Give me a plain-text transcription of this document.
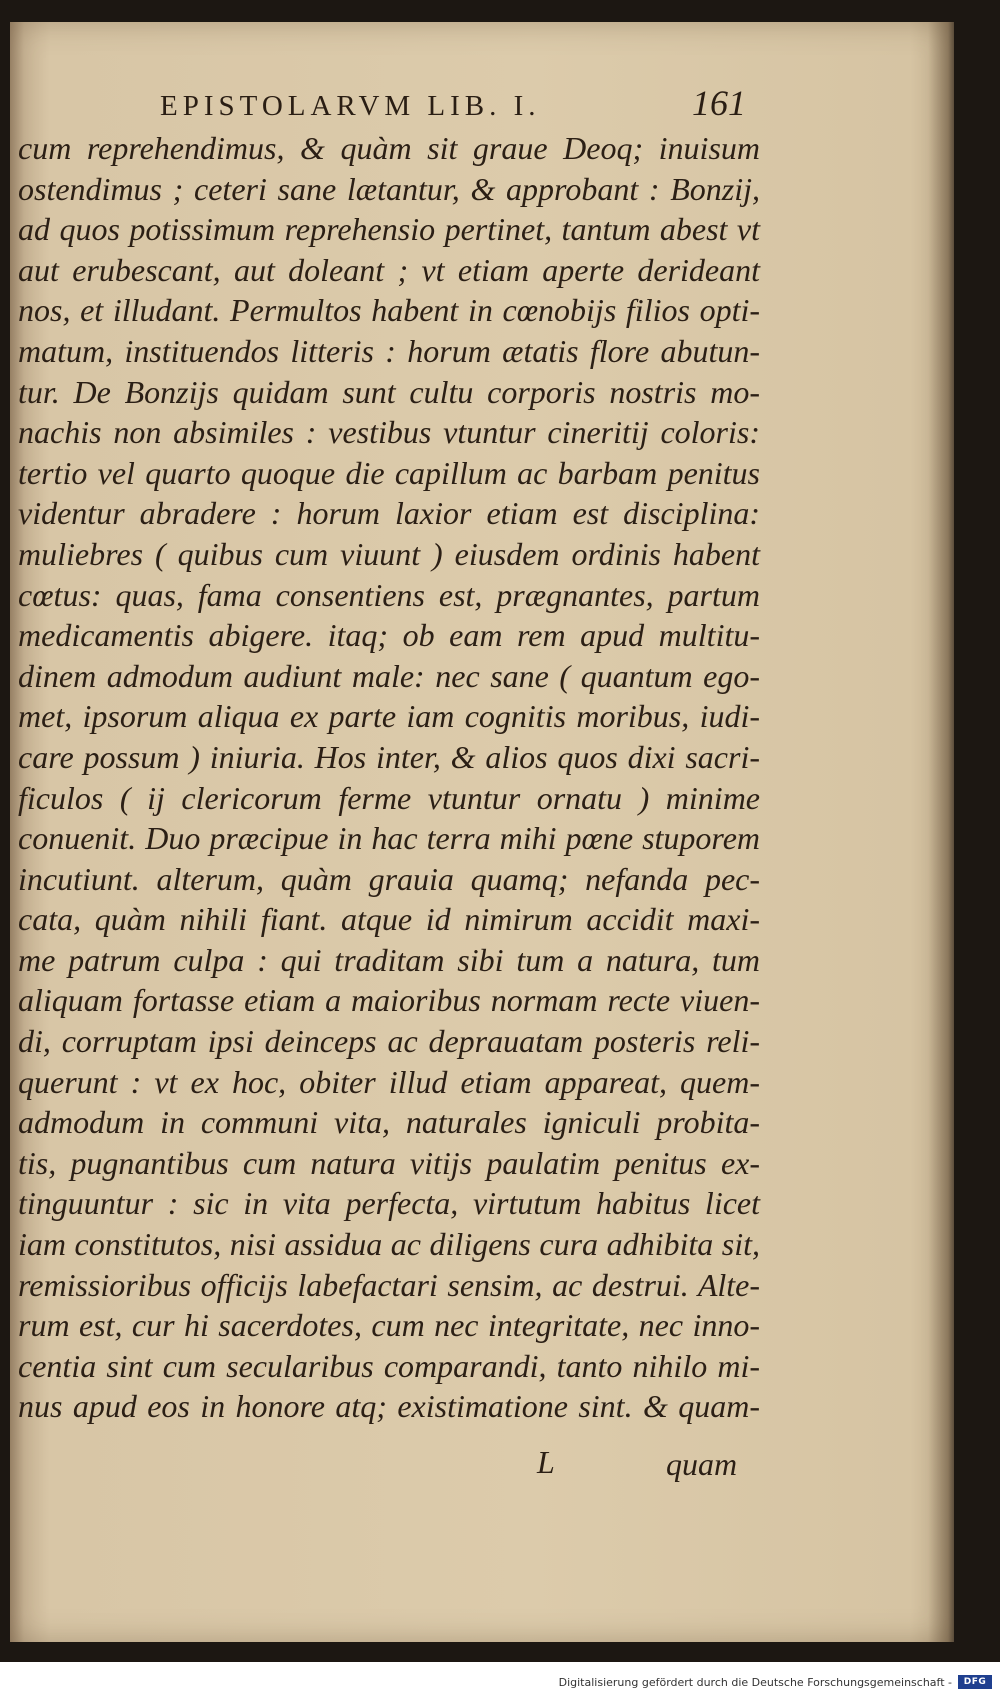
EPISTOLARVM LIB. I.	161
cum reprehendimus, & quàm sit graue Deoq; inuisum
ostendimus ; ceteri sane lætantur, & approbant : Bonzij,
ad quos potissimum reprehensio pertinet, tantum abest vt
aut erubescant, aut doleant ; vt etiam aperte derideant
nos, et illudant. Permultos habent in cœnobijs filios opti-
matum, instituendos litteris : horum ætatis flore abutun-
tur. De Bonzijs quidam sunt cultu corporis nostris mo-
nachis non absimiles : vestibus vtuntur cineritij coloris:
tertio vel quarto quoque die capillum ac barbam penitus
videntur abradere : horum laxior etiam est disciplina:
muliebres ( quibus cum viuunt ) eiusdem ordinis habent
cœtus: quas, fama consentiens est, prægnantes, partum
medicamentis abigere. itaq; ob eam rem apud multitu-
dinem admodum audiunt male: nec sane ( quantum ego-
met, ipsorum aliqua ex parte iam cognitis moribus, iudi-
care possum ) iniuria. Hos inter, & alios quos dixi sacri-
ficulos ( ij clericorum ferme vtuntur ornatu ) minime
conuenit. Duo præcipue in hac terra mihi pœne stuporem
incutiunt. alterum, quàm grauia quamq; nefanda pec-
cata, quàm nihili fiant. atque id nimirum accidit maxi-
me patrum culpa : qui traditam sibi tum a natura, tum
aliquam fortasse etiam a maioribus normam recte viuen-
di, corruptam ipsi deinceps ac deprauatam posteris reli-
querunt : vt ex hoc, obiter illud etiam appareat, quem-
admodum in communi vita, naturales igniculi probita-
tis, pugnantibus cum natura vitijs paulatim penitus ex-
tinguuntur : sic in vita perfecta, virtutum habitus licet
iam constitutos, nisi assidua ac diligens cura adhibita sit,
remissioribus officijs labefactari sensim, ac destrui. Alte-
rum est, cur hi sacerdotes, cum nec integritate, nec inno-
centia sint cum secularibus comparandi, tanto nihilo mi-
nus apud eos in honore atq; existimatione sint. & quam-
L	quam
Digitalisierung gefördert durch die Deutsche Forschungsgemeinschaft -	DFG
